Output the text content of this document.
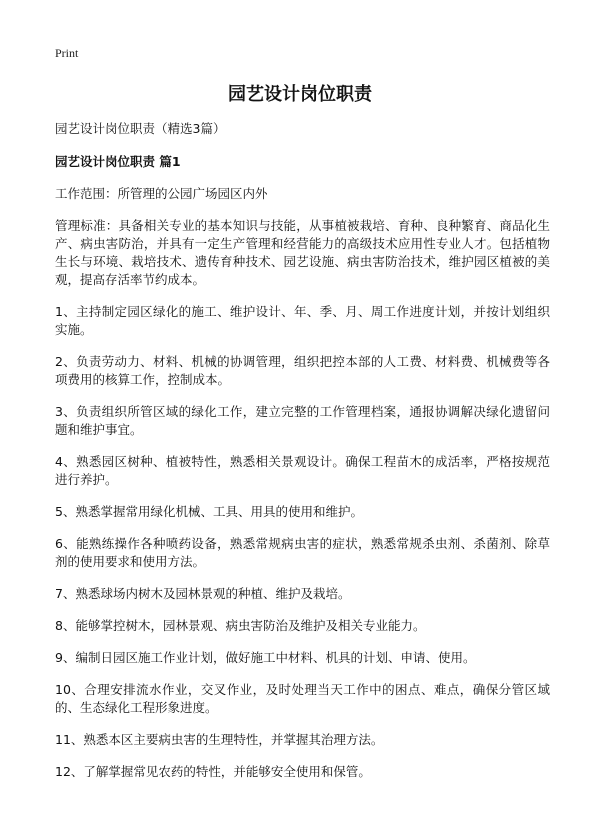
Print
园艺设计岗位职责

园艺设计岗位职责（精选3篇）

园艺设计岗位职责 篇1

工作范围：所管理的公园广场园区内外

管理标准：具备相关专业的基本知识与技能，从事植被栽培、育种、良种繁育、商品化生产、病虫害防治，并具有一定生产管理和经营能力的高级技术应用性专业人才。包括植物生长与环境、栽培技术、遗传育种技术、园艺设施、病虫害防治技术，维护园区植被的美观，提高存活率节约成本。

1、主持制定园区绿化的施工、维护设计、年、季、月、周工作进度计划，并按计划组织实施。

2、负责劳动力、材料、机械的协调管理，组织把控本部的人工费、材料费、机械费等各项费用的核算工作，控制成本。

3、负责组织所管区域的绿化工作，建立完整的工作管理档案，通报协调解决绿化遗留问题和维护事宜。

4、熟悉园区树种、植被特性，熟悉相关景观设计。确保工程苗木的成活率，严格按规范进行养护。

5、熟悉掌握常用绿化机械、工具、用具的使用和维护。

6、能熟练操作各种喷药设备，熟悉常规病虫害的症状，熟悉常规杀虫剂、杀菌剂、除草剂的使用要求和使用方法。

7、熟悉球场内树木及园林景观的种植、维护及栽培。

8、能够掌控树木，园林景观、病虫害防治及维护及相关专业能力。

9、编制日园区施工作业计划，做好施工中材料、机具的计划、申请、使用。

10、合理安排流水作业，交叉作业，及时处理当天工作中的困点、难点，确保分管区域的、生态绿化工程形象进度。

11、熟悉本区主要病虫害的生理特性，并掌握其治理方法。

12、了解掌握常见农药的特性，并能够安全使用和保管。
